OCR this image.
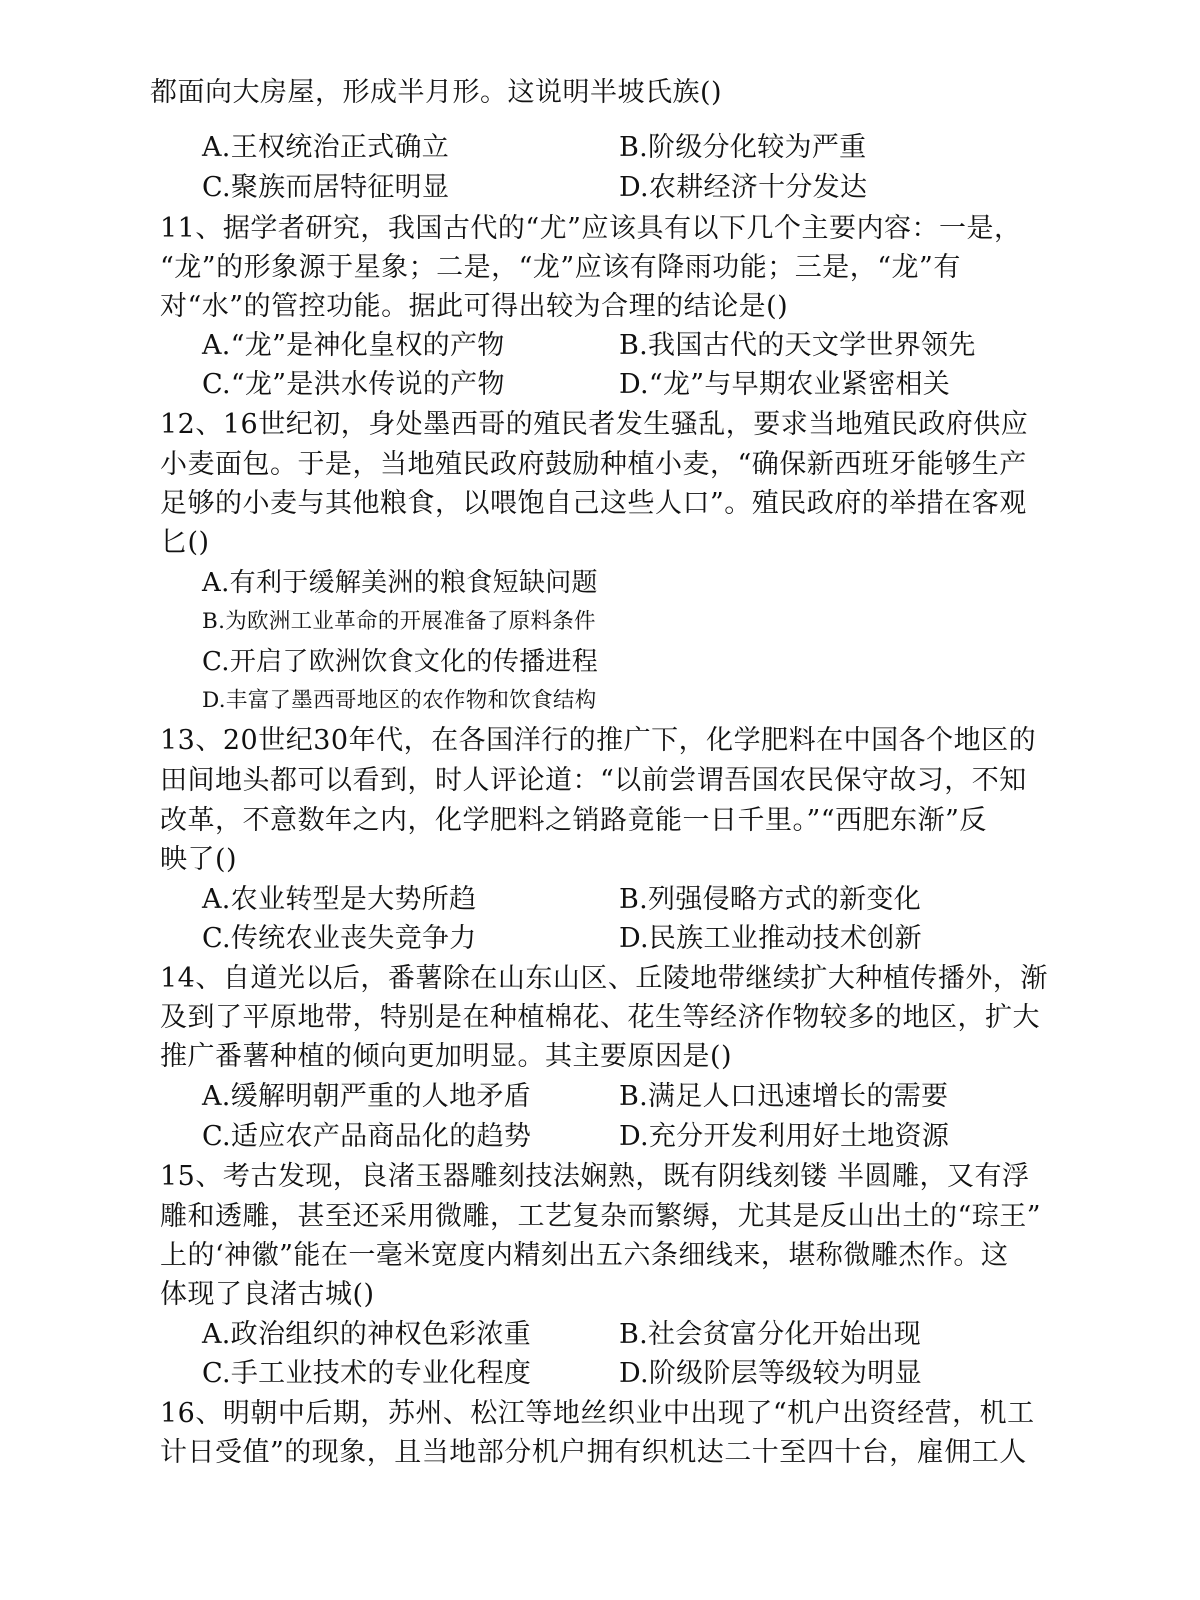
都面向大房屋，形成半月形。这说明半坡氏族()
A.王权统治正式确立	B.阶级分化较为严重
C.聚族而居特征明显	D.农耕经济十分发达
11、据学者研究，我国古代的“尤”应该具有以下几个主要内容：一是，
“龙”的形象源于星象；二是，“龙”应该有降雨功能；三是，“龙”有
对“水”的管控功能。据此可得出较为合理的结论是()
A.“龙”是神化皇权的产物	B.我国古代的天文学世界领先
C.“龙”是洪水传说的产物	D.“龙”与早期农业紧密相关
12、16世纪初，身处墨西哥的殖民者发生骚乱，要求当地殖民政府供应
小麦面包。于是，当地殖民政府鼓励种植小麦，“确保新西班牙能够生产
足够的小麦与其他粮食，以喂饱自己这些人口”。殖民政府的举措在客观
匕()
A.有利于缓解美洲的粮食短缺问题
B.为欧洲工业革命的开展准备了原料条件
C.开启了欧洲饮食文化的传播进程
D.丰富了墨西哥地区的农作物和饮食结构
13、20世纪30年代，在各国洋行的推广下，化学肥料在中国各个地区的
田间地头都可以看到，时人评论道：“以前尝谓吾国农民保守故习，不知
改革，不意数年之内，化学肥料之销路竟能一日千里。”“西肥东渐”反
映了()
A.农业转型是大势所趋	B.列强侵略方式的新变化
C.传统农业丧失竞争力	D.民族工业推动技术创新
14、自道光以后，番薯除在山东山区、丘陵地带继续扩大种植传播外，渐
及到了平原地带，特别是在种植棉花、花生等经济作物较多的地区，扩大
推广番薯种植的倾向更加明显。其主要原因是()
A.缓解明朝严重的人地矛盾	B.满足人口迅速增长的需要
C.适应农产品商品化的趋势	D.充分开发利用好土地资源
15、考古发现，良渚玉器雕刻技法娴熟，既有阴线刻镂 半圆雕，又有浮
雕和透雕，甚至还采用微雕，工艺复杂而繁缛，尤其是反山出土的“琮王”
上的‘神徽”能在一毫米宽度内精刻出五六条细线来，堪称微雕杰作。这
体现了良渚古城()
A.政治组织的神权色彩浓重	B.社会贫富分化开始出现
C.手工业技术的专业化程度	D.阶级阶层等级较为明显
16、明朝中后期，苏州、松江等地丝织业中出现了“机户出资经营，机工
计日受值”的现象，且当地部分机户拥有织机达二十至四十台，雇佣工人
